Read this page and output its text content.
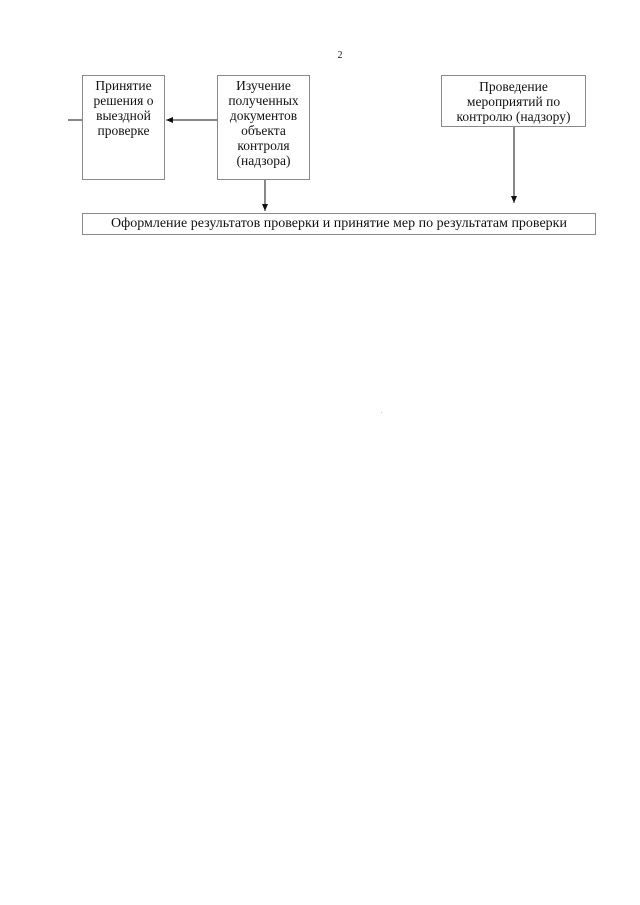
2
Принятие
решения о
выездной
проверке
Изучение
полученных
документов
объекта
контроля
(надзора)
Проведение
мероприятий по
контролю (надзору)
Оформление результатов проверки и принятие мер по результатам проверки
